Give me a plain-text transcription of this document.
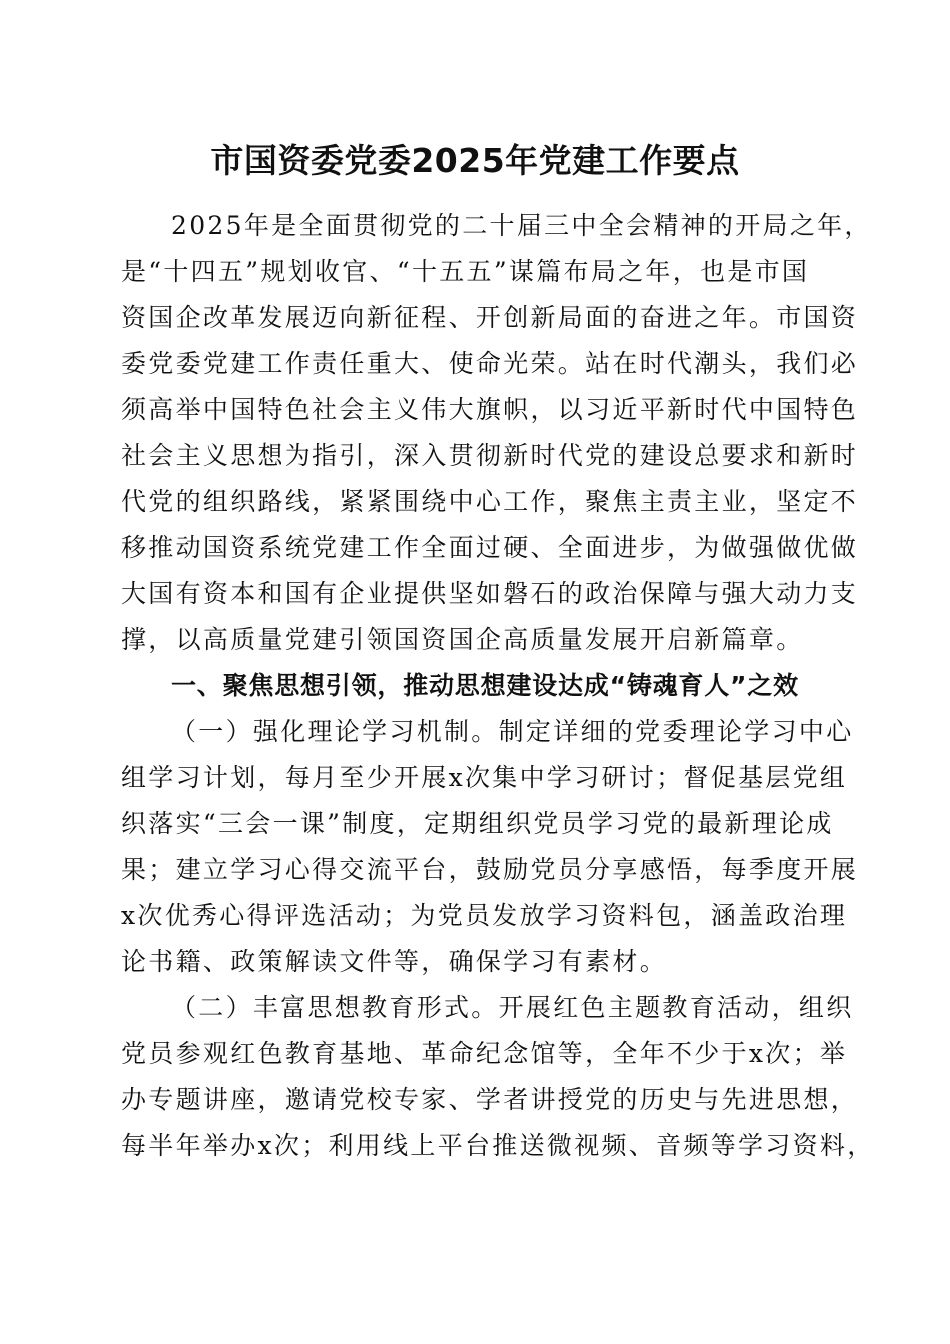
市国资委党委2025年党建工作要点
2025年是全面贯彻党的二十届三中全会精神的开局之年，
是“十四五”规划收官、“十五五”谋篇布局之年，也是市国
资国企改革发展迈向新征程、开创新局面的奋进之年。市国资
委党委党建工作责任重大、使命光荣。站在时代潮头，我们必
须高举中国特色社会主义伟大旗帜，以习近平新时代中国特色
社会主义思想为指引，深入贯彻新时代党的建设总要求和新时
代党的组织路线，紧紧围绕中心工作，聚焦主责主业，坚定不
移推动国资系统党建工作全面过硬、全面进步，为做强做优做
大国有资本和国有企业提供坚如磐石的政治保障与强大动力支
撑，以高质量党建引领国资国企高质量发展开启新篇章。
一、聚焦思想引领，推动思想建设达成“铸魂育人”之效
（一）强化理论学习机制。制定详细的党委理论学习中心
组学习计划，每月至少开展x次集中学习研讨；督促基层党组
织落实“三会一课”制度，定期组织党员学习党的最新理论成
果；建立学习心得交流平台，鼓励党员分享感悟，每季度开展
x次优秀心得评选活动；为党员发放学习资料包，涵盖政治理
论书籍、政策解读文件等，确保学习有素材。
（二）丰富思想教育形式。开展红色主题教育活动，组织
党员参观红色教育基地、革命纪念馆等，全年不少于x次；举
办专题讲座，邀请党校专家、学者讲授党的历史与先进思想，
每半年举办x次；利用线上平台推送微视频、音频等学习资料，
